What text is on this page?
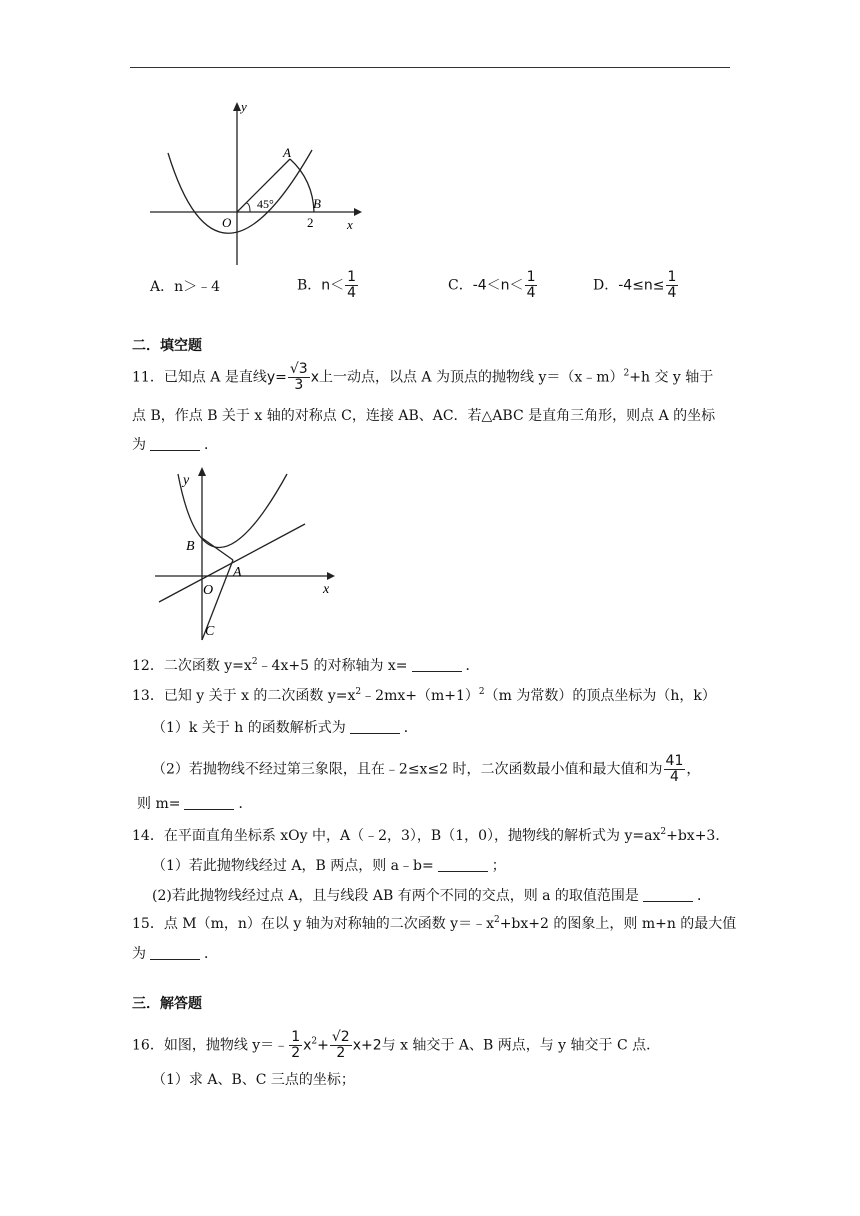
y
A
45°
O
B
2	x
A．n＞﹣4	B．$n< \frac{1}{4}$	C．$-4<n< \frac{1}{4}$	D．$-4\le n\le \frac{1}{4}$
二．填空题
11．已知点 A 是直线$y= \frac{√3}{3}$ x上一动点，以点 A 为顶点的抛物线 y＝（x﹣m）$^2$+h 交 y 轴于
点 B，作点 B 关于 x 轴的对称点 C，连接 AB、AC．若△ABC 是直角三角形，则点 A 的坐标
为	．
y
B
A
O
C
x
12．二次函数 $y=x^2﹣4x+5$ 的对称轴为 x=	．
13．已知 y 关于 x 的二次函数 $y=x^2﹣2mx+(m+1)^2(m$ 为常数）的顶点坐标为（h，k）
（1）k 关于 h 的函数解析式为	．
（2）若抛物线不经过第三象限，且在﹣2≤x≤2 时，二次函数最小值和最大值和为 $\frac{41}{4}$ ，
则 m=	．
14．在平面直角坐标系 xOy 中，A（﹣2，3），B（1，0），抛物线的解析式为 $y=ax^2+bx+3$．
（1）若此抛物线经过 A，B 两点，则 a﹣b=	；
(2)若此抛物线经过点 A，且与线段 AB 有两个不同的交点，则 a 的取值范围是	．
15．点 M（m，n）在以 y 轴为对称轴的二次函数 $y=﹣x^2+bx+2$ 的图象上，则 m+n 的最大值
为	．
三．解答题
16．如图，抛物线 y＝﹣ $\frac{1}{2} x^2+ \frac{√2}{2} x+2$与 x 轴交于 A、B 两点，与 y 轴交于 C 点．
（1）求 A、B、C 三点的坐标；
